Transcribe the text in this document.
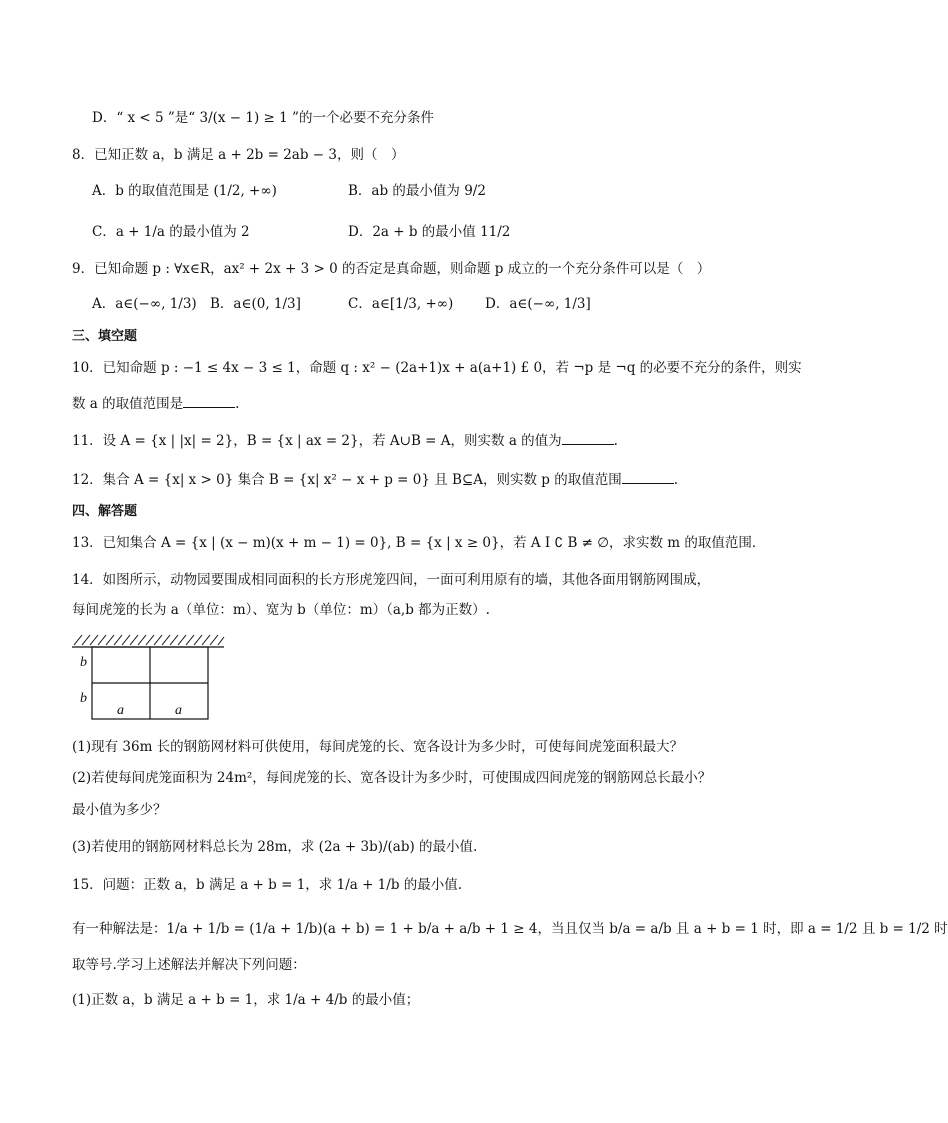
D．“ x < 5 ”是“ 3/(x − 1) ≥ 1 ”的一个必要不充分条件
8．已知正数 a，b 满足 a + 2b = 2ab − 3，则（　）
A．b 的取值范围是 (1/2, +∞)	B．ab 的最小值为 9/2
C．a + 1/a 的最小值为 2	D．2a + b 的最小值 11/2
9．已知命题 p : ∀x∈R，ax² + 2x + 3 > 0 的否定是真命题，则命题 p 成立的一个充分条件可以是（　）
A．a∈(−∞, 1/3) B．a∈(0, 1/3]	C．a∈[1/3, +∞) D．a∈(−∞, 1/3]
三、填空题
10．已知命题 p : −1 ≤ 4x − 3 ≤ 1，命题 q : x² − (2a+1)x + a(a+1) £ 0，若 ¬p 是 ¬q 的必要不充分的条件，则实
数 a 的取值范围是	.
11．设 A = {x | |x| = 2}，B = {x | ax = 2}，若 A∪B = A，则实数 a 的值为	.
12．集合 A = {x| x > 0} 集合 B = {x| x² − x + p = 0} 且 B⊆A，则实数 p 的取值范围	.
四、解答题
13．已知集合 A = {x | (x − m)(x + m − 1) = 0}, B = {x | x ≥ 0}，若 A I ∁ B ≠ ∅，求实数 m 的取值范围．
14．如图所示，动物园要围成相同面积的长方形虎笼四间，一面可利用原有的墙，其他各面用钢筋网围成，
每间虎笼的长为 a（单位：m）、宽为 b（单位：m）（a,b 都为正数）.
b
b
a	a
(1)现有 36m 长的钢筋网材料可供使用，每间虎笼的长、宽各设计为多少时，可使每间虎笼面积最大？
(2)若使每间虎笼面积为 24m²，每间虎笼的长、宽各设计为多少时，可使围成四间虎笼的钢筋网总长最小？
最小值为多少？
(3)若使用的钢筋网材料总长为 28m，求 (2a + 3b)/(ab) 的最小值.
15．问题：正数 a，b 满足 a + b = 1，求 1/a + 1/b 的最小值.
有一种解法是：1/a + 1/b = (1/a + 1/b)(a + b) = 1 + b/a + a/b + 1 ≥ 4，当且仅当 b/a = a/b 且 a + b = 1 时，即 a = 1/2 且 b = 1/2 时
取等号.学习上述解法并解决下列问题：
(1)正数 a，b 满足 a + b = 1，求 1/a + 4/b 的最小值；
